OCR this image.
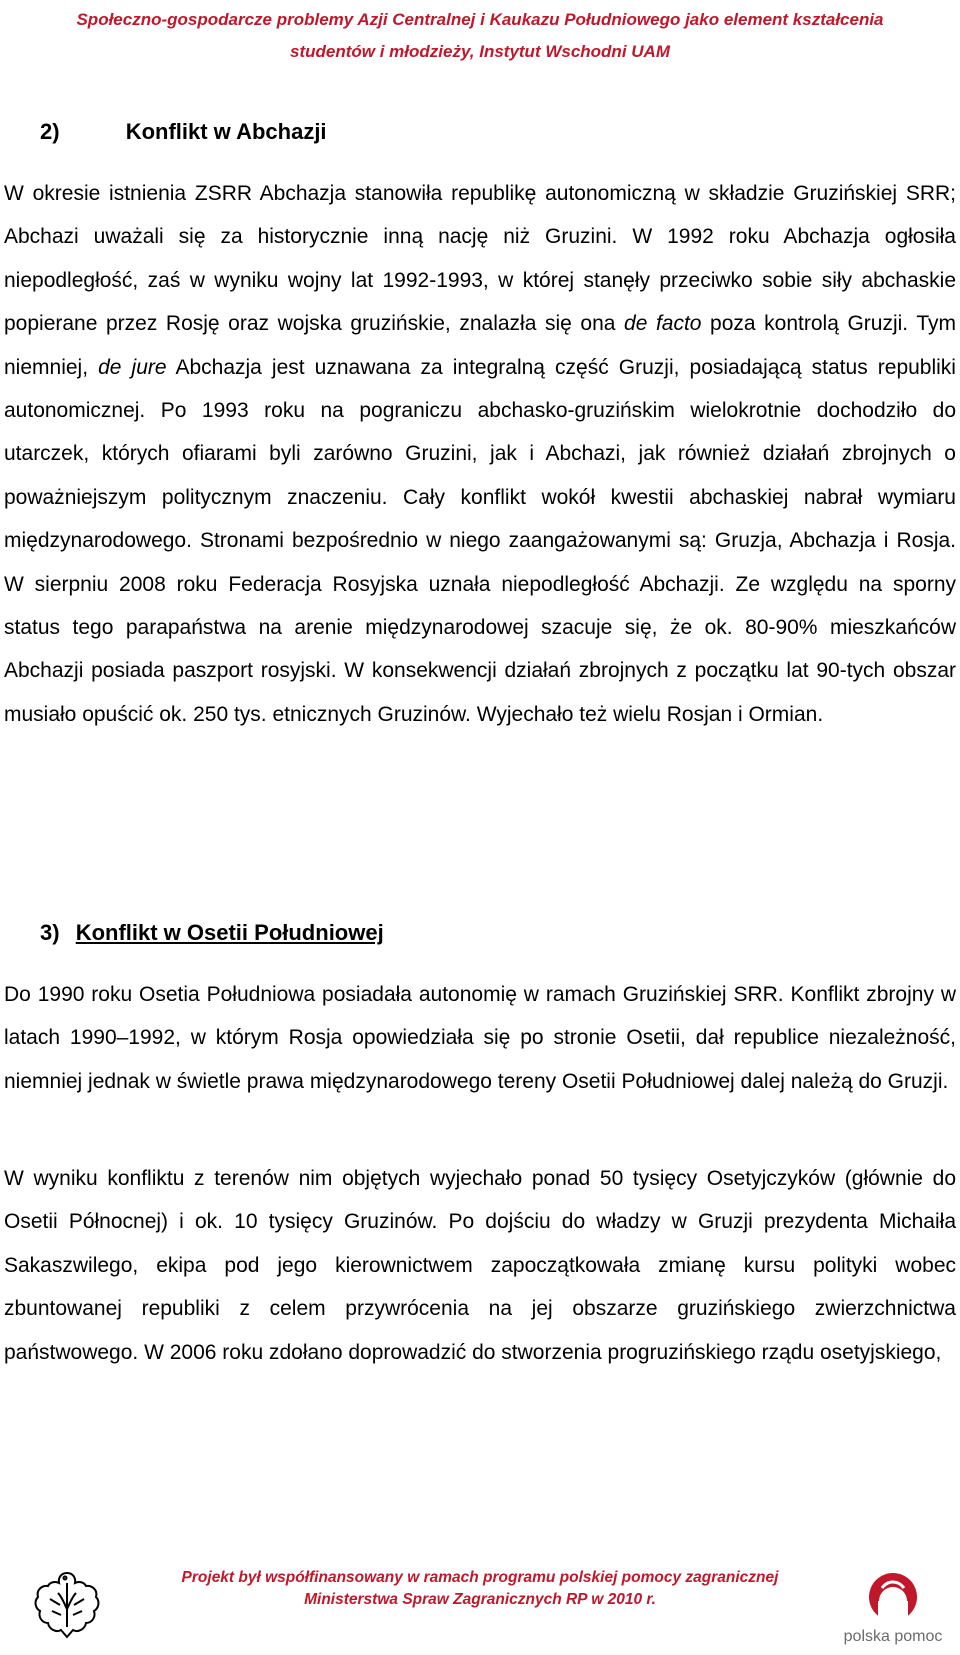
Społeczno-gospodarcze problemy Azji Centralnej i Kaukazu Południowego jako element kształcenia
studentów i młodzieży, Instytut Wschodni UAM
2)	Konflikt w Abchazji
W okresie istnienia ZSRR Abchazja stanowiła republikę autonomiczną w składzie Gruzińskiej SRR; Abchazi uważali się za historycznie inną nację niż Gruzini. W 1992 roku Abchazja ogłosiła niepodległość, zaś w wyniku wojny lat 1992-1993, w której stanęły przeciwko sobie siły abchaskie popierane przez Rosję oraz wojska gruzińskie, znalazła się ona de facto poza kontrolą Gruzji. Tym niemniej, de jure Abchazja jest uznawana za integralną część Gruzji, posiadającą status republiki autonomicznej. Po 1993 roku na pograniczu abchasko-gruzińskim wielokrotnie dochodziło do utarczek, których ofiarami byli zarówno Gruzini, jak i Abchazi, jak również działań zbrojnych o poważniejszym politycznym znaczeniu. Cały konflikt wokół kwestii abchaskiej nabrał wymiaru międzynarodowego. Stronami bezpośrednio w niego zaangażowanymi są: Gruzja, Abchazja i Rosja. W sierpniu 2008 roku Federacja Rosyjska uznała niepodległość Abchazji. Ze względu na sporny status tego parapaństwa na arenie międzynarodowej szacuje się, że ok. 80-90% mieszkańców Abchazji posiada paszport rosyjski. W konsekwencji działań zbrojnych z początku lat 90-tych obszar musiało opuścić ok. 250 tys. etnicznych Gruzinów. Wyjechało też wielu Rosjan i Ormian.
3) Konflikt w Osetii Południowej
Do 1990 roku Osetia Południowa posiadała autonomię w ramach Gruzińskiej SRR. Konflikt zbrojny w latach 1990–1992, w którym Rosja opowiedziała się po stronie Osetii, dał republice niezależność, niemniej jednak w świetle prawa międzynarodowego tereny Osetii Południowej dalej należą do Gruzji.
W wyniku konfliktu z terenów nim objętych wyjechało ponad 50 tysięcy Osetyjczyków (głównie do Osetii Północnej) i ok. 10 tysięcy Gruzinów. Po dojściu do władzy w Gruzji prezydenta Michaiła Sakaszwilego, ekipa pod jego kierownictwem zapoczątkowała zmianę kursu polityki wobec zbuntowanej republiki z celem przywrócenia na jej obszarze gruzińskiego zwierzchnictwa państwowego. W 2006 roku zdołano doprowadzić do stworzenia progruzińskiego rządu osetyjskiego,
Projekt był współfinansowany w ramach programu polskiej pomocy zagranicznej
Ministerstwa Spraw Zagranicznych RP w 2010 r.
polska pomoc
